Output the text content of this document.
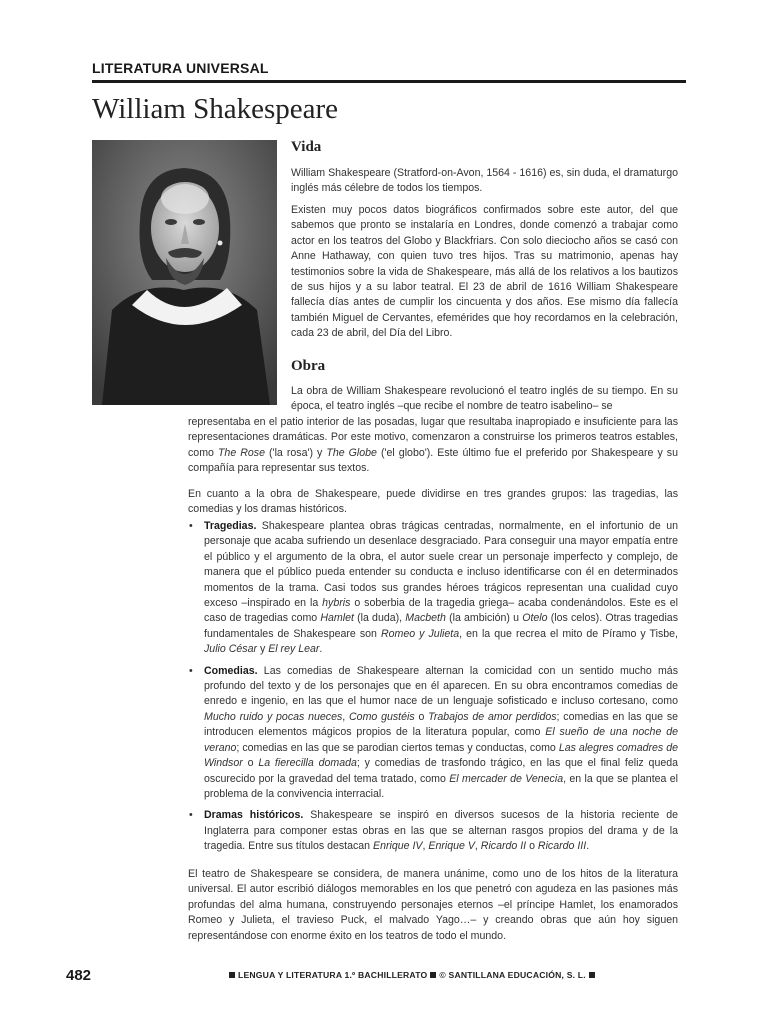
LITERATURA UNIVERSAL
William Shakespeare
Vida

William Shakespeare (Stratford-on-Avon, 1564 - 1616) es, sin duda, el dramaturgo inglés más célebre de todos los tiempos.

Existen muy pocos datos biográficos confirmados sobre este autor, del que sabemos que pronto se instalaría en Londres, donde comenzó a trabajar como actor en los teatros del Globo y Blackfriars. Con solo dieciocho años se casó con Anne Hathaway, con quien tuvo tres hijos. Tras su matrimonio, apenas hay testimonios sobre la vida de Shakespeare, más allá de los relativos a los bautizos de sus hijos y a su labor teatral. El 23 de abril de 1616 William Shakespeare fallecía días antes de cumplir los cincuenta y dos años. Ese mismo día fallecía también Miguel de Cervantes, efemérides que hoy recordamos en la celebración, cada 23 de abril, del Día del Libro.

Obra

La obra de William Shakespeare revolucionó el teatro inglés de su tiempo. En su época, el teatro inglés –que recibe el nombre de teatro isabelino– se

representaba en el patio interior de las posadas, lugar que resultaba inapropiado e insuficiente para las representaciones dramáticas. Por este motivo, comenzaron a construirse los primeros teatros estables, como The Rose ('la rosa') y The Globe ('el globo'). Este último fue el preferido por Shakespeare y su compañía para representar sus textos.

En cuanto a la obra de Shakespeare, puede dividirse en tres grandes grupos: las tragedias, las comedias y los dramas históricos.

• Tragedias. Shakespeare plantea obras trágicas centradas, normalmente, en el infortunio de un personaje que acaba sufriendo un desenlace desgraciado. Para conseguir una mayor empatía entre el público y el argumento de la obra, el autor suele crear un personaje imperfecto y complejo, de manera que el público pueda entender su conducta e incluso identificarse con él en determinados momentos de la trama. Casi todos sus grandes héroes trágicos representan una cualidad cuyo exceso –inspirado en la hybris o soberbia de la tragedia griega– acaba condenándolos. Este es el caso de tragedias como Hamlet (la duda), Macbeth (la ambición) u Otelo (los celos). Otras tragedias fundamentales de Shakespeare son Romeo y Julieta, en la que recrea el mito de Píramo y Tisbe, Julio César y El rey Lear.
• Comedias. Las comedias de Shakespeare alternan la comicidad con un sentido mucho más profundo del texto y de los personajes que en él aparecen. En su obra encontramos comedias de enredo e ingenio, en las que el humor nace de un lenguaje sofisticado e incluso cortesano, como Mucho ruido y pocas nueces, Como gustéis o Trabajos de amor perdidos; comedias en las que se introducen elementos mágicos propios de la literatura popular, como El sueño de una noche de verano; comedias en las que se parodian ciertos temas y conductas, como Las alegres comadres de Windsor o La fierecilla domada; y comedias de trasfondo trágico, en las que el final feliz queda oscurecido por la gravedad del tema tratado, como El mercader de Venecia, en la que se plantea el problema de la convivencia interracial.
• Dramas históricos. Shakespeare se inspiró en diversos sucesos de la historia reciente de Inglaterra para componer estas obras en las que se alternan rasgos propios del drama y de la tragedia. Entre sus títulos destacan Enrique IV, Enrique V, Ricardo II o Ricardo III.

El teatro de Shakespeare se considera, de manera unánime, como uno de los hitos de la literatura universal. El autor escribió diálogos memorables en los que penetró con agudeza en las pasiones más profundas del alma humana, construyendo personajes eternos –el príncipe Hamlet, los enamorados Romeo y Julieta, el travieso Puck, el malvado Yago…– y creando obras que aún hoy siguen representándose con enorme éxito en los teatros de todo el mundo.

482	LENGUA Y LITERATURA 1.º BACHILLERATO © SANTILLANA EDUCACIÓN, S. L.
